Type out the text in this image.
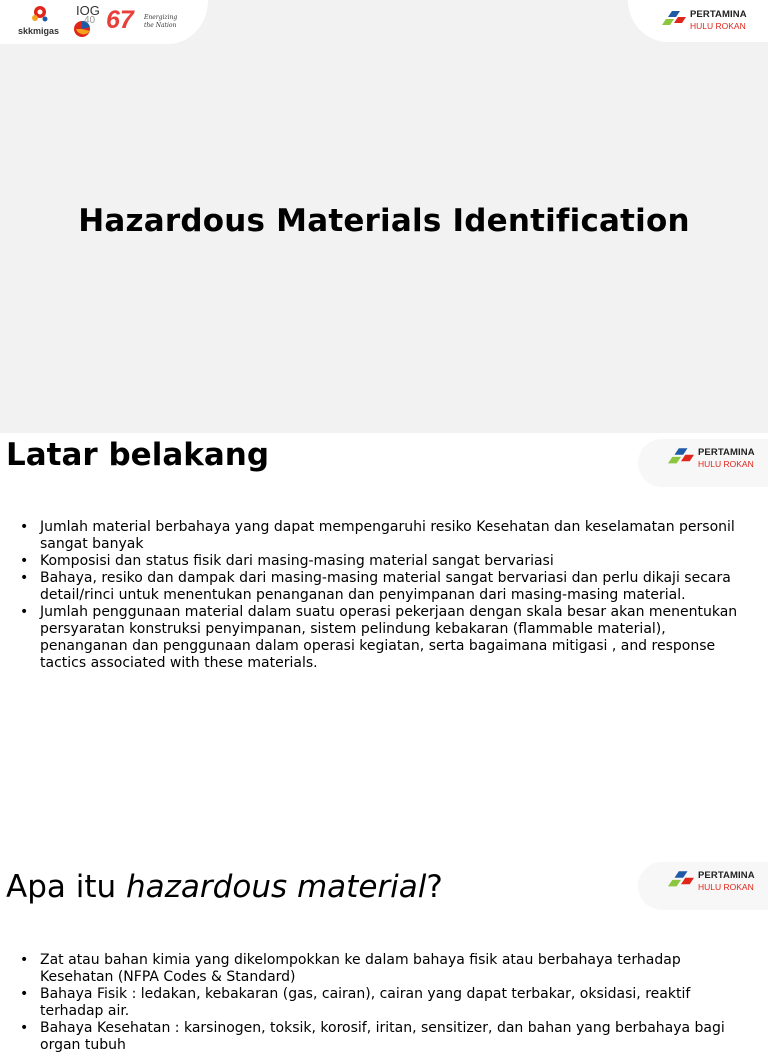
skkmigas
IOG
40 67 Energizing the Nation
PERTAMINA
HULU ROKAN
Hazardous Materials Identification
Latar belakang	PERTAMINA
HULU ROKAN
• Jumlah material berbahaya yang dapat mempengaruhi resiko Kesehatan dan keselamatan personil sangat banyak
• Komposisi dan status fisik dari masing-masing material sangat bervariasi
• Bahaya, resiko dan dampak dari masing-masing material sangat bervariasi dan perlu dikaji secara detail/rinci untuk menentukan penanganan dan penyimpanan dari masing-masing material.
• Jumlah penggunaan material dalam suatu operasi pekerjaan dengan skala besar akan menentukan persyaratan konstruksi penyimpanan, sistem pelindung kebakaran (flammable material), penanganan dan penggunaan dalam operasi kegiatan, serta bagaimana mitigasi , and response tactics associated with these materials.
Apa itu hazardous material?	PERTAMINA
HULU ROKAN
• Zat atau bahan kimia yang dikelompokkan ke dalam bahaya fisik atau berbahaya terhadap Kesehatan (NFPA Codes & Standard)
• Bahaya Fisik : ledakan, kebakaran (gas, cairan), cairan yang dapat terbakar, oksidasi, reaktif terhadap air.
• Bahaya Kesehatan : karsinogen, toksik, korosif, iritan, sensitizer, dan bahan yang berbahaya bagi organ tubuh
